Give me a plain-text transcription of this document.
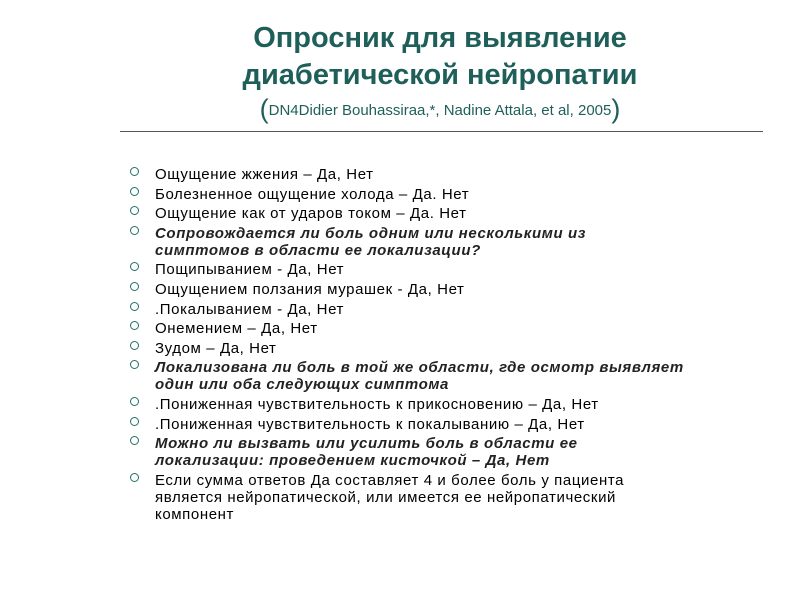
Опросник для выявление
диабетической нейропатии
(DN4Didier Bouhassiraa,*, Nadine Attala, et al, 2005)
Ощущение жжения – Да, Нет
Болезненное ощущение холода – Да. Нет
Ощущение как от ударов током – Да. Нет
Сопровождается ли боль одним или несколькими из
симптомов в области ее локализации?
Пощипыванием - Да, Нет
Ощущением ползания мурашек - Да, Нет
.Покалыванием - Да, Нет
Онемением – Да, Нет
Зудом – Да, Нет
Локализована ли боль в той же области, где осмотр выявляет
один или оба следующих симптома
.Пониженная чувствительность к прикосновению – Да, Нет
.Пониженная чувствительность к покалыванию – Да, Нет
Можно ли вызвать или усилить боль в области ее
локализации: проведением кисточкой – Да, Нет
Если сумма ответов Да составляет 4 и более боль у пациента
является нейропатической, или имеется ее нейропатический
компонент
